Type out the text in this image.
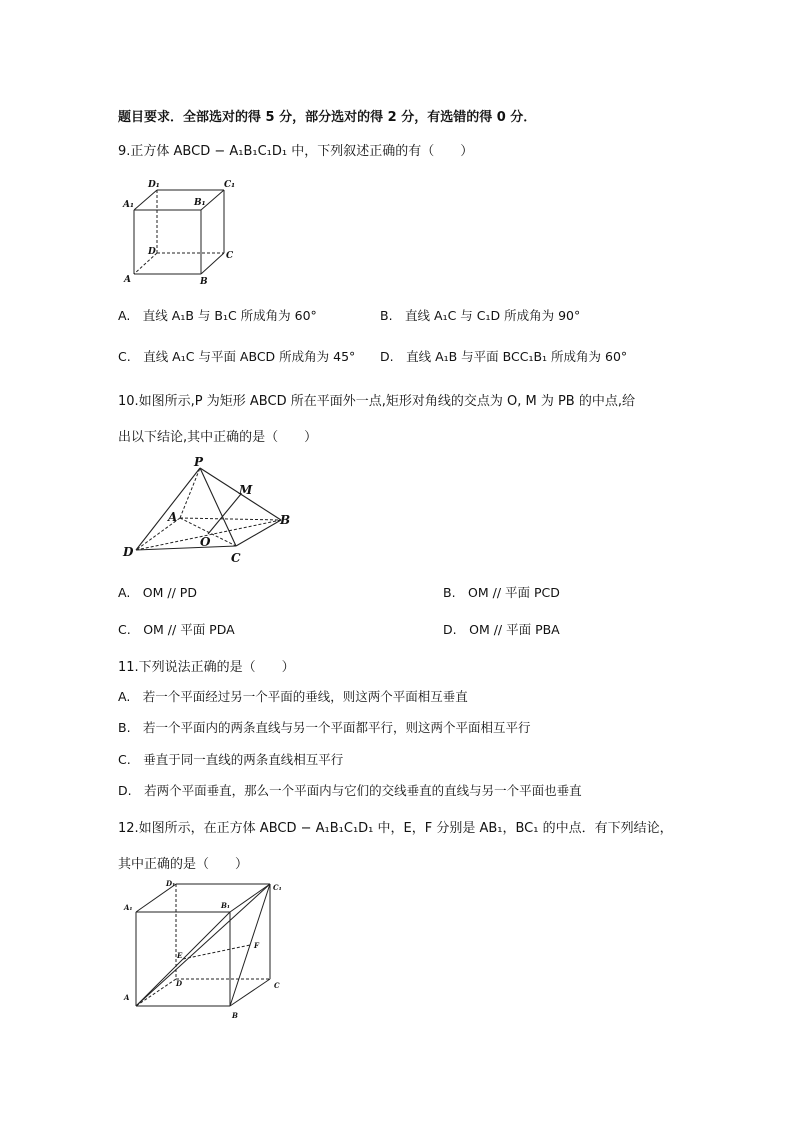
题目要求．全部选对的得 5 分，部分选对的得 2 分，有选错的得 0 分．
9.正方体 ABCD − A₁B₁C₁D₁ 中，下列叙述正确的有（　　）
D₁	C₁
A₁	B₁
D	C
A	B
A.　直线 A₁B 与 B₁C 所成角为 60°	B.　直线 A₁C 与 C₁D 所成角为 90°
C.　直线 A₁C 与平面 ABCD 所成角为 45° D.　直线 A₁B 与平面 BCC₁B₁ 所成角为 60°
10.如图所示,P 为矩形 ABCD 所在平面外一点,矩形对角线的交点为 O, M 为 PB 的中点,给
出以下结论,其中正确的是（　　）
P
M
A	B
O
D	C
A.　OM // PD	B.　OM // 平面 PCD
C.　OM // 平面 PDA	D.　OM // 平面 PBA
11.下列说法正确的是（　　）
A.　若一个平面经过另一个平面的垂线，则这两个平面相互垂直
B.　若一个平面内的两条直线与另一个平面都平行，则这两个平面相互平行
C.　垂直于同一直线的两条直线相互平行
D.　若两个平面垂直，那么一个平面内与它们的交线垂直的直线与另一个平面也垂直
12.如图所示，在正方体 ABCD − A₁B₁C₁D₁ 中，E，F 分别是 AB₁，BC₁ 的中点．有下列结论，
其中正确的是（　　）
D₁	C₁
A₁	B₁
F
E
D	C
A
B
